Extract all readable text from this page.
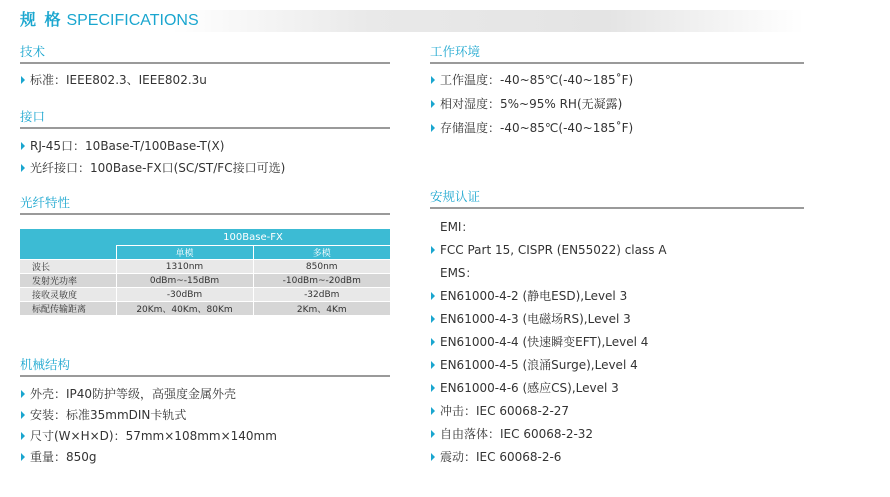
规 格 SPECIFICATIONS
技术
标准：IEEE802.3、IEEE802.3u
接口
RJ-45口：10Base-T/100Base-T(X)
光纤接口：100Base-FX口(SC/ST/FC接口可选)
光纤特性
	100Base-FX	
	单模	多模
波长	1310nm	850nm
发射光功率	0dBm~-15dBm	-10dBm~-20dBm
接收灵敏度	-30dBm	-32dBm
标配传输距离	20Km、40Km、80Km	2Km、4Km
机械结构
外壳：IP40防护等级，高强度金属外壳
安装：标准35mmDIN卡轨式
尺寸(W×H×D)：57mm×108mm×140mm
重量：850g
工作环境
工作温度：-40~85℃(-40~185˚F)
相对湿度：5%~95% RH(无凝露)
存储温度：-40~85℃(-40~185˚F)
安规认证
EMI：
FCC Part 15, CISPR (EN55022) class A
EMS：
EN61000-4-2 (静电ESD),Level 3
EN61000-4-3 (电磁场RS),Level 3
EN61000-4-4 (快速瞬变EFT),Level 4
EN61000-4-5 (浪涌Surge),Level 4
EN61000-4-6 (感应CS),Level 3
冲击：IEC 60068-2-27
自由落体：IEC 60068-2-32
震动：IEC 60068-2-6
